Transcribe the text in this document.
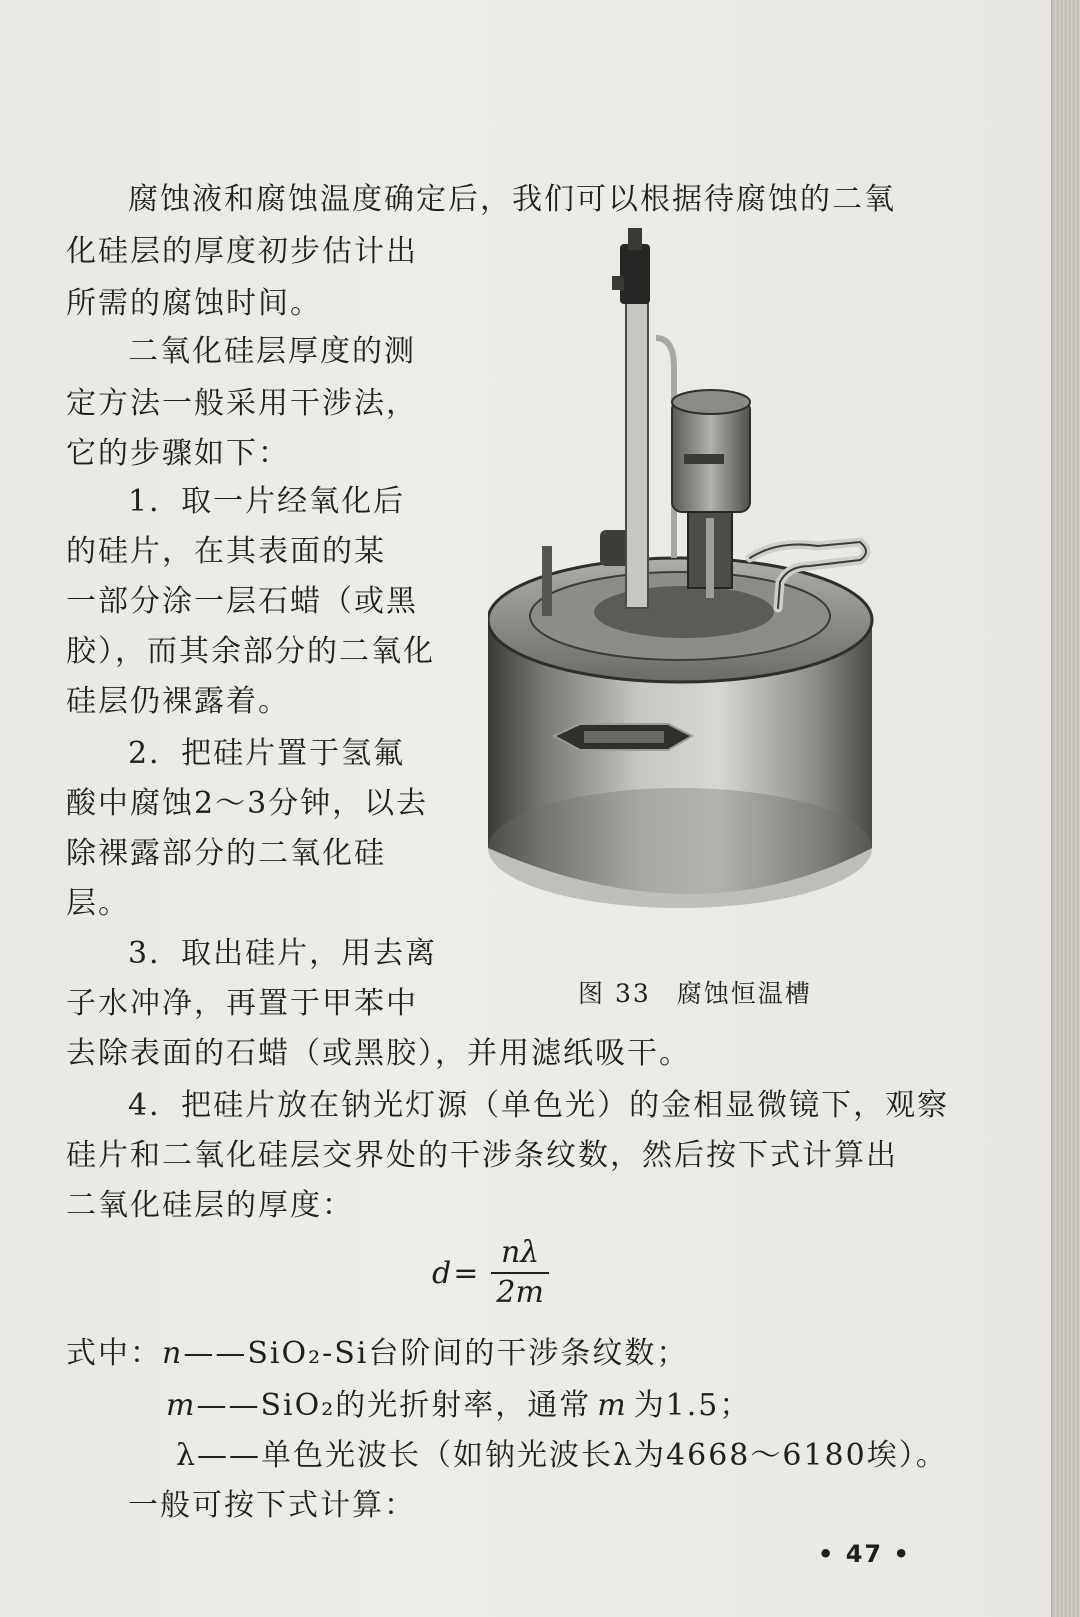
腐蚀液和腐蚀温度确定后，我们可以根据待腐蚀的二氧
化硅层的厚度初步估计出
所需的腐蚀时间。
二氧化硅层厚度的测
定方法一般采用干涉法，
它的步骤如下：
1．取一片经氧化后
的硅片，在其表面的某
一部分涂一层石蜡（或黑
胶），而其余部分的二氧化
硅层仍裸露着。
2．把硅片置于氢氟
酸中腐蚀2～3分钟，以去
除裸露部分的二氧化硅
层。
3．取出硅片，用去离
子水冲净，再置于甲苯中
去除表面的石蜡（或黑胶），并用滤纸吸干。
4．把硅片放在钠光灯源（单色光）的金相显微镜下，观察
硅片和二氧化硅层交界处的干涉条纹数，然后按下式计算出
二氧化硅层的厚度：
图 33 腐蚀恒温槽
$d = \frac{n\lambda}{2m}$
式中：n——SiO₂-Si台阶间的干涉条纹数；
m——SiO₂的光折射率，通常 m 为1.5；
λ——单色光波长（如钠光波长λ为4668～6180埃）。
一般可按下式计算：
• 47 •
